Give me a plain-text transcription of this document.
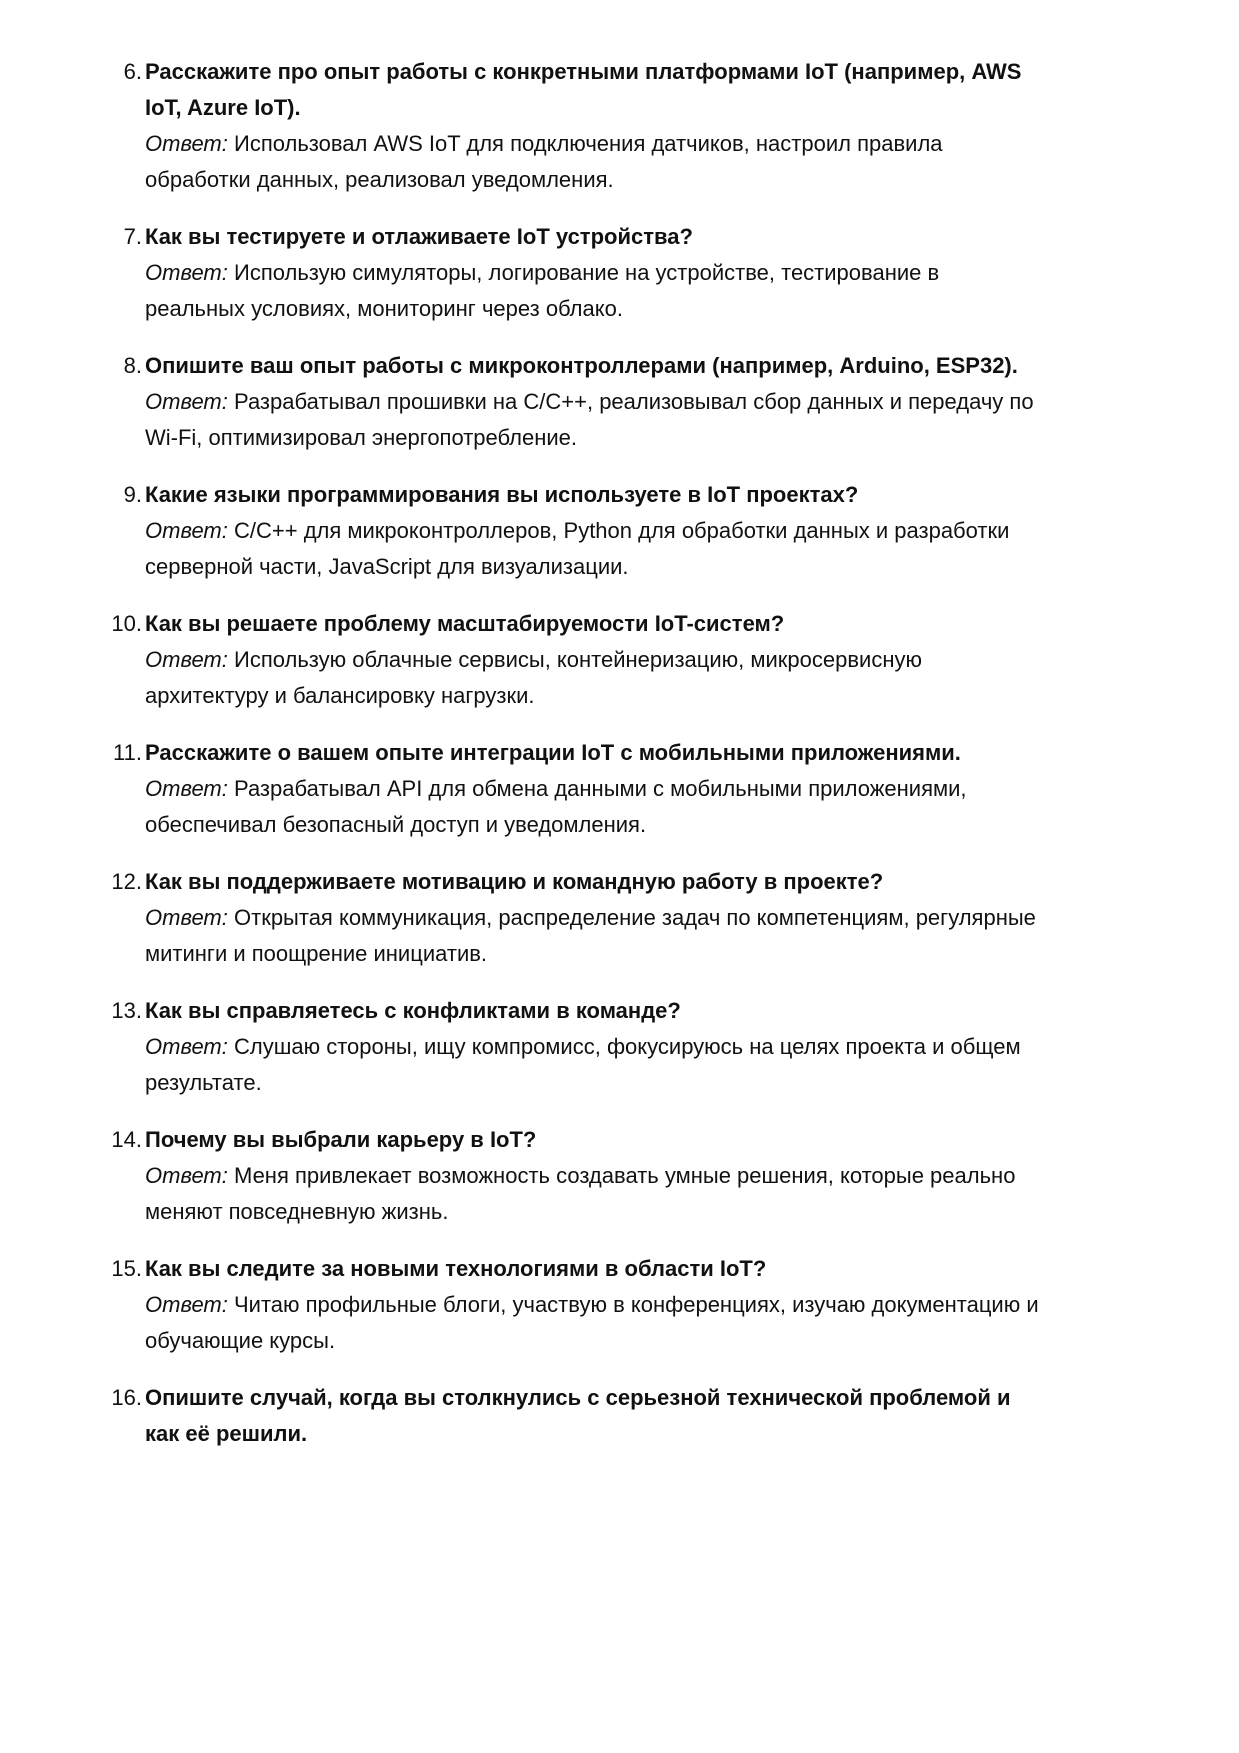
6. Расскажите про опыт работы с конкретными платформами IoT (например, AWS IoT, Azure IoT).
Ответ: Использовал AWS IoT для подключения датчиков, настроил правила обработки данных, реализовал уведомления.
7. Как вы тестируете и отлаживаете IoT устройства?
Ответ: Использую симуляторы, логирование на устройстве, тестирование в реальных условиях, мониторинг через облако.
8. Опишите ваш опыт работы с микроконтроллерами (например, Arduino, ESP32).
Ответ: Разрабатывал прошивки на C/C++, реализовывал сбор данных и передачу по Wi-Fi, оптимизировал энергопотребление.
9. Какие языки программирования вы используете в IoT проектах?
Ответ: C/C++ для микроконтроллеров, Python для обработки данных и разработки серверной части, JavaScript для визуализации.
10. Как вы решаете проблему масштабируемости IoT-систем?
Ответ: Использую облачные сервисы, контейнеризацию, микросервисную архитектуру и балансировку нагрузки.
11. Расскажите о вашем опыте интеграции IoT с мобильными приложениями.
Ответ: Разрабатывал API для обмена данными с мобильными приложениями, обеспечивал безопасный доступ и уведомления.
12. Как вы поддерживаете мотивацию и командную работу в проекте?
Ответ: Открытая коммуникация, распределение задач по компетенциям, регулярные митинги и поощрение инициатив.
13. Как вы справляетесь с конфликтами в команде?
Ответ: Слушаю стороны, ищу компромисс, фокусируюсь на целях проекта и общем результате.
14. Почему вы выбрали карьеру в IoT?
Ответ: Меня привлекает возможность создавать умные решения, которые реально меняют повседневную жизнь.
15. Как вы следите за новыми технологиями в области IoT?
Ответ: Читаю профильные блоги, участвую в конференциях, изучаю документацию и обучающие курсы.
16. Опишите случай, когда вы столкнулись с серьезной технической проблемой и как её решили.
